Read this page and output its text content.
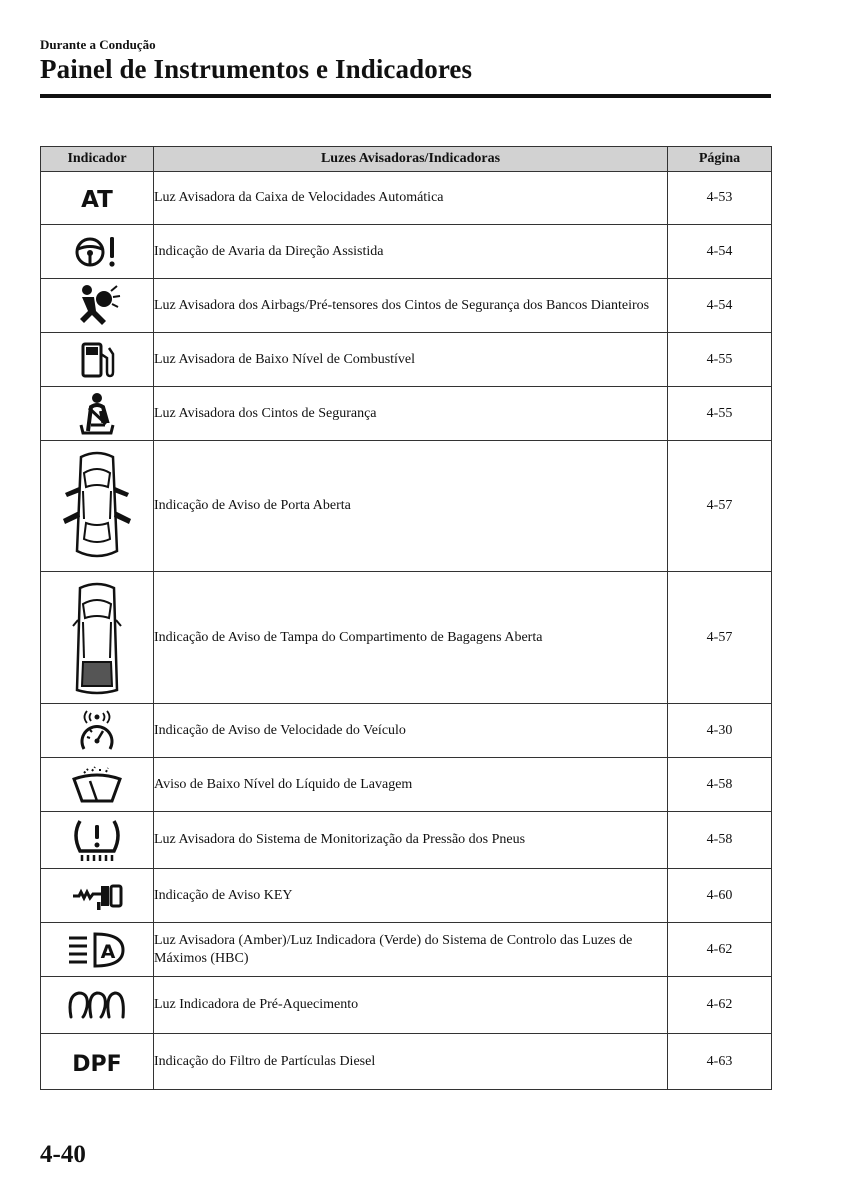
Durante a Condução
Painel de Instrumentos e Indicadores
Indicador	Luzes Avisadoras/Indicadoras	Página

AT	Luz Avisadora da Caixa de Velocidades Automática	4-53

	Indicação de Avaria da Direção Assistida	4-54

	Luz Avisadora dos Airbags/Pré-tensores dos Cintos de Segurança dos Bancos Dianteiros	4-54

	Luz Avisadora de Baixo Nível de Combustível	4-55

	Luz Avisadora dos Cintos de Segurança	4-55

	Indicação de Aviso de Porta Aberta	4-57

	Indicação de Aviso de Tampa do Compartimento de Bagagens Aberta	4-57

	Indicação de Aviso de Velocidade do Veículo	4-30

	Aviso de Baixo Nível do Líquido de Lavagem	4-58

	Luz Avisadora do Sistema de Monitorização da Pressão dos Pneus	4-58

	Indicação de Aviso KEY	4-60

A	Luz Avisadora (Amber)/Luz Indicadora (Verde) do Sistema de Controlo das Luzes de Máximos (HBC)	4-62

	Luz Indicadora de Pré-Aquecimento	4-62

DPF	Indicação do Filtro de Partículas Diesel	4-63
4-40
